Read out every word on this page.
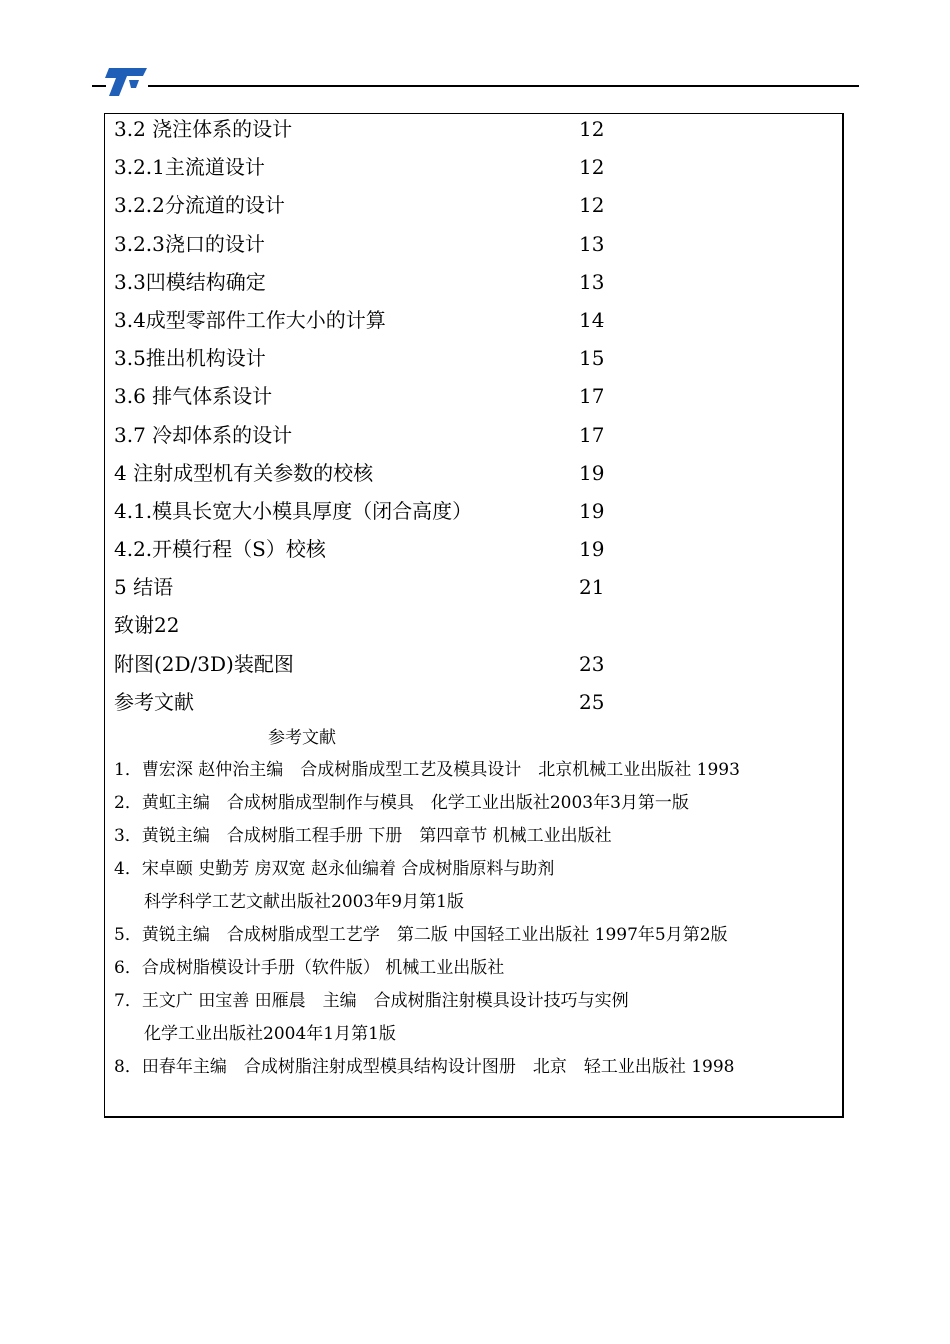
3.2 浇注体系的设计	12
3.2.1主流道设计	12
3.2.2分流道的设计	12
3.2.3浇口的设计	13
3.3凹模结构确定	13
3.4成型零部件工作大小的计算	14
3.5推出机构设计	15
3.6 排气体系设计	17
3.7 冷却体系的设计	17
4 注射成型机有关参数的校核	19
4.1.模具长宽大小模具厚度（闭合高度）	19
4.2.开模行程（S）校核	19
5 结语	21
致谢22
附图(2D/3D)装配图	23
参考文献	25
参考文献
1．曹宏深 赵仲治主编　合成树脂成型工艺及模具设计　北京机械工业出版社 1993
2．黄虹主编　合成树脂成型制作与模具　化学工业出版社2003年3月第一版
3．黄锐主编　合成树脂工程手册 下册　第四章节 机械工业出版社
4．宋卓颐 史勤芳 房双宽 赵永仙编着 合成树脂原料与助剂
科学科学工艺文献出版社2003年9月第1版
5．黄锐主编　合成树脂成型工艺学　第二版 中国轻工业出版社 1997年5月第2版
6．合成树脂模设计手册（软件版） 机械工业出版社
7．王文广 田宝善 田雁晨　主编　合成树脂注射模具设计技巧与实例
化学工业出版社2004年1月第1版
8．田春年主编　合成树脂注射成型模具结构设计图册　北京　轻工业出版社 1998
